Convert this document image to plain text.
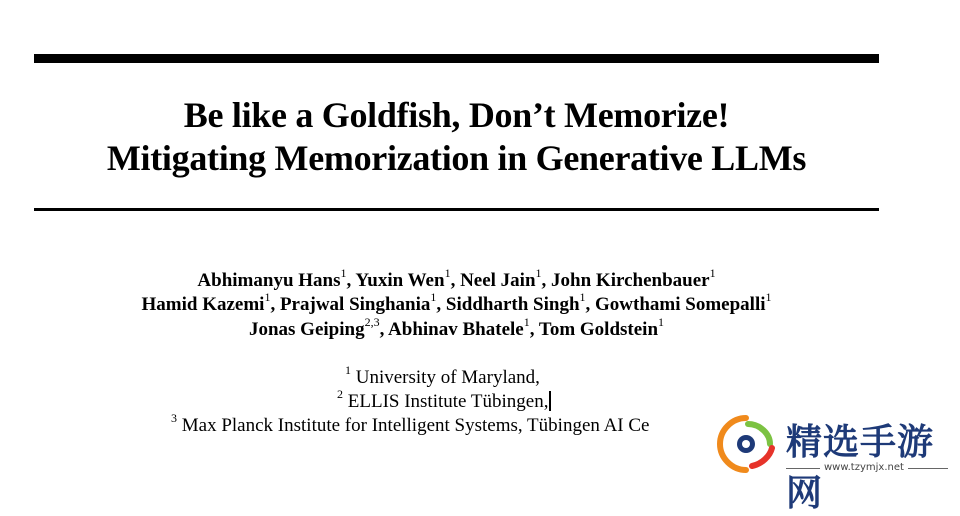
Be like a Goldfish, Don’t Memorize!
Mitigating Memorization in Generative LLMs
Abhimanyu Hans$^1$, Yuxin Wen$^1$, Neel Jain$^1$, John Kirchenbauer$^1$
Hamid Kazemi$^1$, Prajwal Singhania$^1$, Siddharth Singh$^1$, Gowthami Somepalli$^1$
Jonas Geiping$^{2,3}$, Abhinav Bhatele$^1$, Tom Goldstein$^1$
$^1$ University of Maryland,
$^2$ ELLIS Institute Tübingen,
$^3$ Max Planck Institute for Intelligent Systems, Tübingen AI Ce	精选手游网
www.tzymjx.net
